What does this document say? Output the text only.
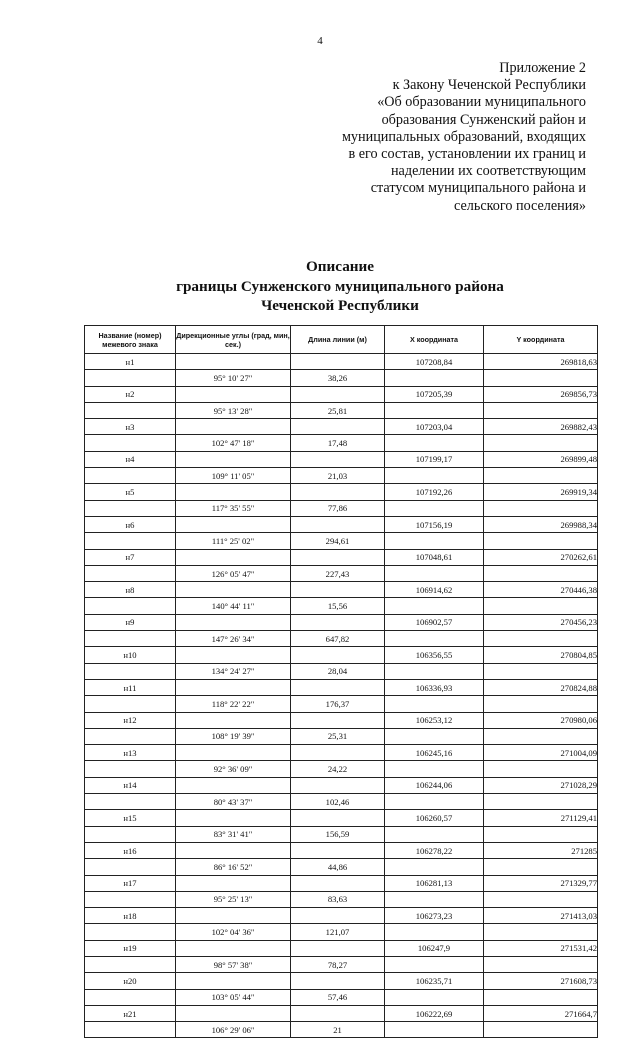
4
Приложение 2
к Закону Чеченской Республики
«Об образовании муниципального
образования Сунженский район и
муниципальных образований, входящих
в его состав, установлении их границ и
наделении их соответствующим
статусом муниципального района и
сельского поселения»
Описание
границы Сунженского муниципального района
Чеченской Республики
Название (номер) межевого знака	Дирекционные углы (град, мин, сек.)	Длина линии (м)	X координата	Y координата
н1			107208,84	269818,63
	95° 10' 27"	38,26		
н2			107205,39	269856,73
	95° 13' 28"	25,81		
н3			107203,04	269882,43
	102° 47' 18"	17,48		
н4			107199,17	269899,48
	109° 11' 05"	21,03		
н5			107192,26	269919,34
	117° 35' 55"	77,86		
н6			107156,19	269988,34
	111° 25' 02"	294,61		
н7			107048,61	270262,61
	126° 05' 47"	227,43		
н8			106914,62	270446,38
	140° 44' 11"	15,56		
н9			106902,57	270456,23
	147° 26' 34"	647,82		
н10			106356,55	270804,85
	134° 24' 27"	28,04		
н11			106336,93	270824,88
	118° 22' 22"	176,37		
н12			106253,12	270980,06
	108° 19' 39"	25,31		
н13			106245,16	271004,09
	92° 36' 09"	24,22		
н14			106244,06	271028,29
	80° 43' 37"	102,46		
н15			106260,57	271129,41
	83° 31' 41"	156,59		
н16			106278,22	271285
	86° 16' 52"	44,86		
н17			106281,13	271329,77
	95° 25' 13"	83,63		
н18			106273,23	271413,03
	102° 04' 36"	121,07		
н19			106247,9	271531,42
	98° 57' 38"	78,27		
н20			106235,71	271608,73
	103° 05' 44"	57,46		
н21			106222,69	271664,7
	106° 29' 06"	21		
